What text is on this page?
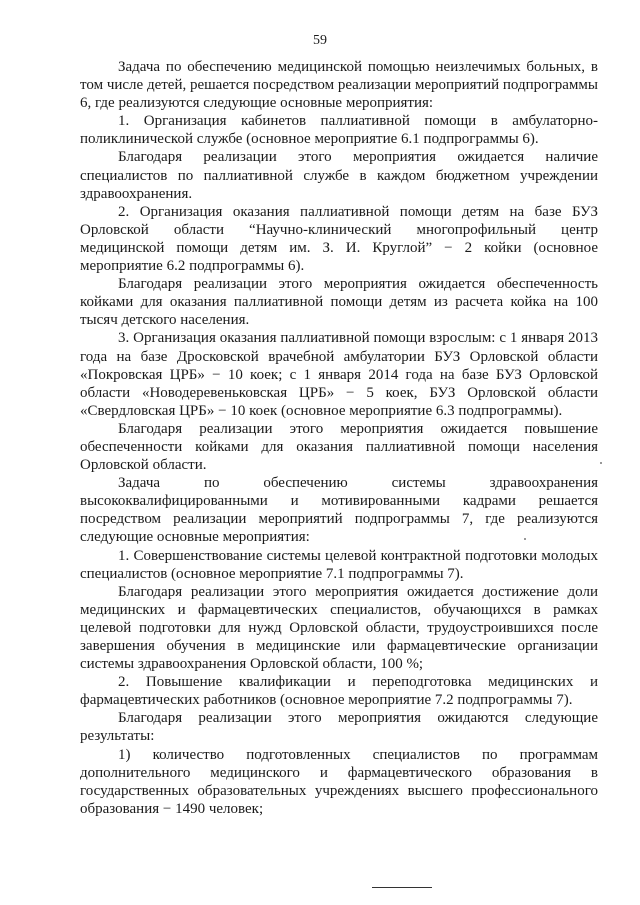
59

Задача по обеспечению медицинской помощью неизлечимых больных, в том числе детей, решается посредством реализации мероприятий подпрограммы 6, где реализуются следующие основные мероприятия:

1. Организация кабинетов паллиативной помощи в амбулаторно-поликлинической службе (основное мероприятие 6.1 подпрограммы 6).

Благодаря реализации этого мероприятия ожидается наличие специалистов по паллиативной службе в каждом бюджетном учреждении здравоохранения.

2. Организация оказания паллиативной помощи детям на базе БУЗ Орловской области “Научно-клинический многопрофильный центр медицинской помощи детям им. З. И. Круглой” − 2 койки (основное мероприятие 6.2 подпрограммы 6).

Благодаря реализации этого мероприятия ожидается обеспеченность койками для оказания паллиативной помощи детям из расчета койка на 100 тысяч детского населения.

3. Организация оказания паллиативной помощи взрослым: с 1 января 2013 года на базе Дросковской врачебной амбулатории БУЗ Орловской области «Покровская ЦРБ» − 10 коек; с 1 января 2014 года на базе БУЗ Орловской области «Новодеревеньковская ЦРБ» − 5 коек, БУЗ Орловской области «Свердловская ЦРБ» − 10 коек (основное мероприятие 6.3 подпрограммы).

Благодаря реализации этого мероприятия ожидается повышение обеспеченности койками для оказания паллиативной помощи населения Орловской области.

Задача по обеспечению системы здравоохранения высококвалифицированными и мотивированными кадрами решается посредством реализации мероприятий подпрограммы 7, где реализуются следующие основные мероприятия:

1. Совершенствование системы целевой контрактной подготовки молодых специалистов (основное мероприятие 7.1 подпрограммы 7).

Благодаря реализации этого мероприятия ожидается достижение доли медицинских и фармацевтических специалистов, обучающихся в рамках целевой подготовки для нужд Орловской области, трудоустроившихся после завершения обучения в медицинские или фармацевтические организации системы здравоохранения Орловской области, 100 %;

2. Повышение квалификации и переподготовка медицинских и фармацевтических работников (основное мероприятие 7.2 подпрограммы 7).

Благодаря реализации этого мероприятия ожидаются следующие результаты:

1) количество подготовленных специалистов по программам дополнительного медицинского и фармацевтического образования в государственных образовательных учреждениях высшего профессионального образования − 1490 человек;
